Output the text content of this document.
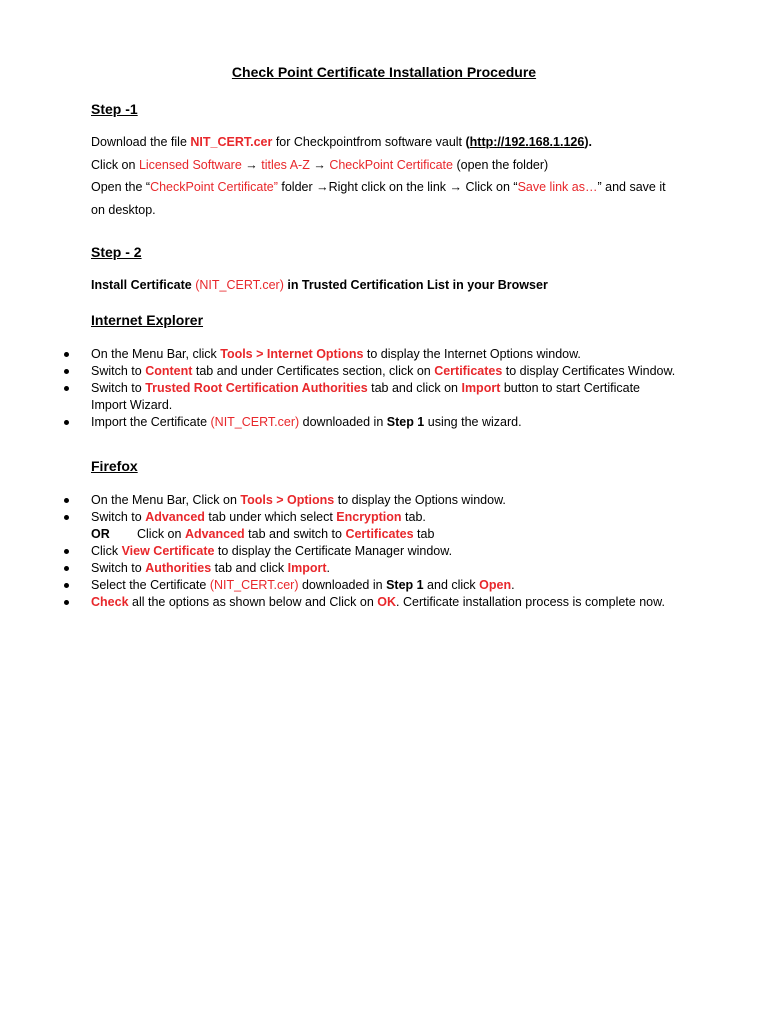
Check Point Certificate Installation Procedure
Step -1
Download the file NIT_CERT.cer for Checkpointfrom software vault (http://192.168.1.126).
Click on Licensed Software → titles A-Z → CheckPoint Certificate (open the folder)
Open the “CheckPoint Certificate” folder →Right click on the link → Click on “Save link as…” and save it
on desktop.
Step - 2
Install Certificate (NIT_CERT.cer) in Trusted Certification List in your Browser
Internet Explorer
On the Menu Bar, click Tools > Internet Options to display the Internet Options window.
Switch to Content tab and under Certificates section, click on Certificates to display Certificates Window.
Switch to Trusted Root Certification Authorities tab and click on Import button to start Certificate
Import Wizard.
Import the Certificate (NIT_CERT.cer) downloaded in Step 1 using the wizard.
Firefox
On the Menu Bar, Click on Tools > Options to display the Options window.
Switch to Advanced tab under which select Encryption tab.
OR Click on Advanced tab and switch to Certificates tab
Click View Certificate to display the Certificate Manager window.
Switch to Authorities tab and click Import.
Select the Certificate (NIT_CERT.cer) downloaded in Step 1 and click Open.
Check all the options as shown below and Click on OK. Certificate installation process is complete now.
